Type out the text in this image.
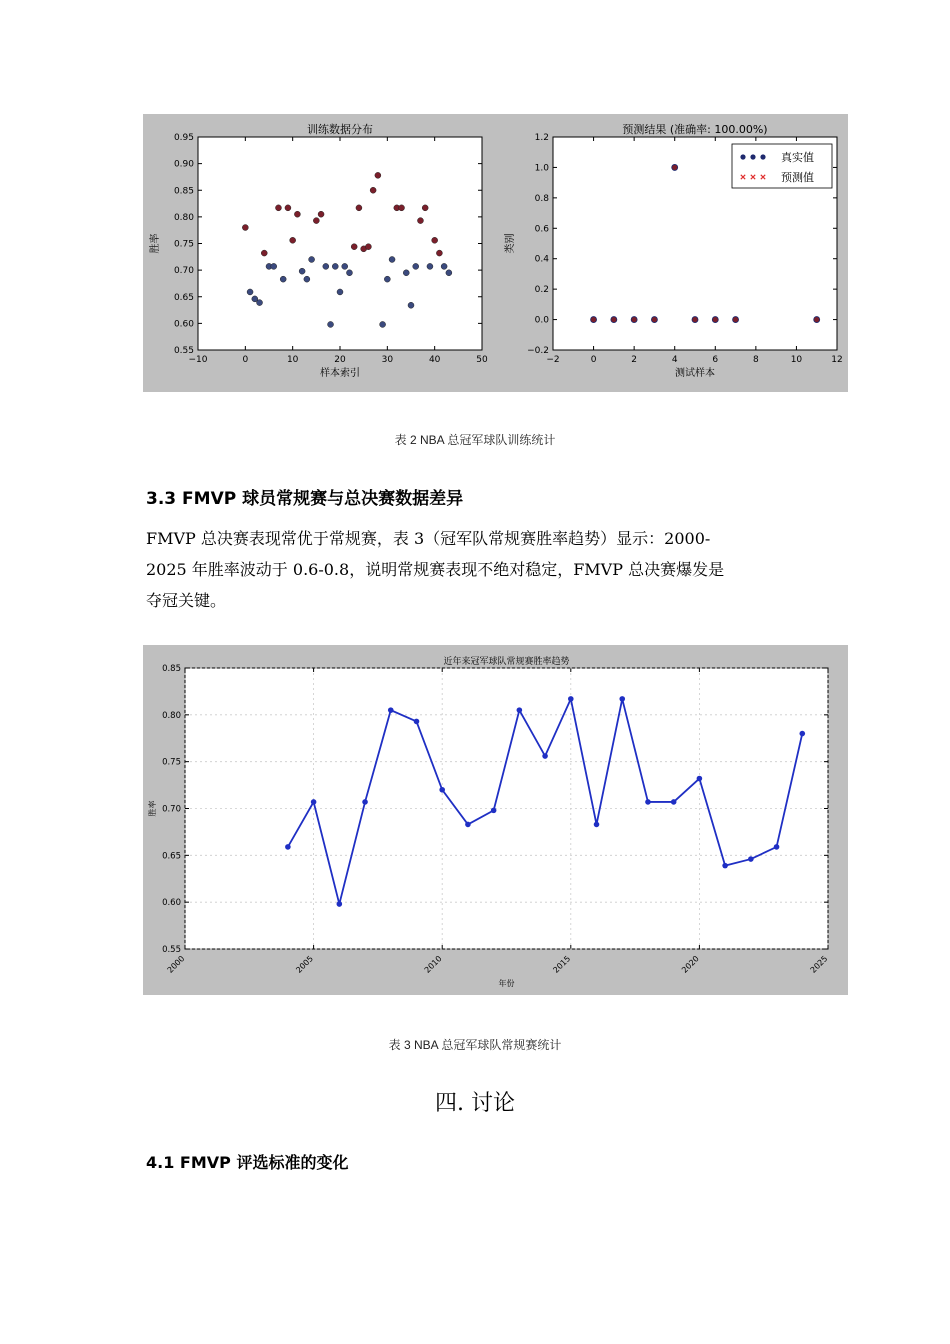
−10	0	10	20	30	40	50
0.55
0.60
0.65
0.70
0.75
0.80
0.85
0.90
0.95
训练数据分布
样本索引
胜率
−2	0	2	4	6	8	10	12
−0.2
0.0
0.2
0.4
0.6
0.8
1.0
1.2
预测结果 (准确率: 100.00%)
测试样本
类别
真实值
预测值
表 2 NBA 总冠军球队训练统计
3.3 FMVP 球员常规赛与总决赛数据差异
FMVP 总决赛表现常优于常规赛，表 3（冠军队常规赛胜率趋势）显示：2000-
2025 年胜率波动于 0.6-0.8，说明常规赛表现不绝对稳定，FMVP 总决赛爆发是
夺冠关键。
2000	2005	2010	2015	2020	2025
0.55
0.60
0.65
0.70
0.75
0.80
0.85
近年来冠军球队常规赛胜率趋势
年份
胜率
表 3 NBA 总冠军球队常规赛统计
四. 讨论
4.1 FMVP 评选标准的变化
